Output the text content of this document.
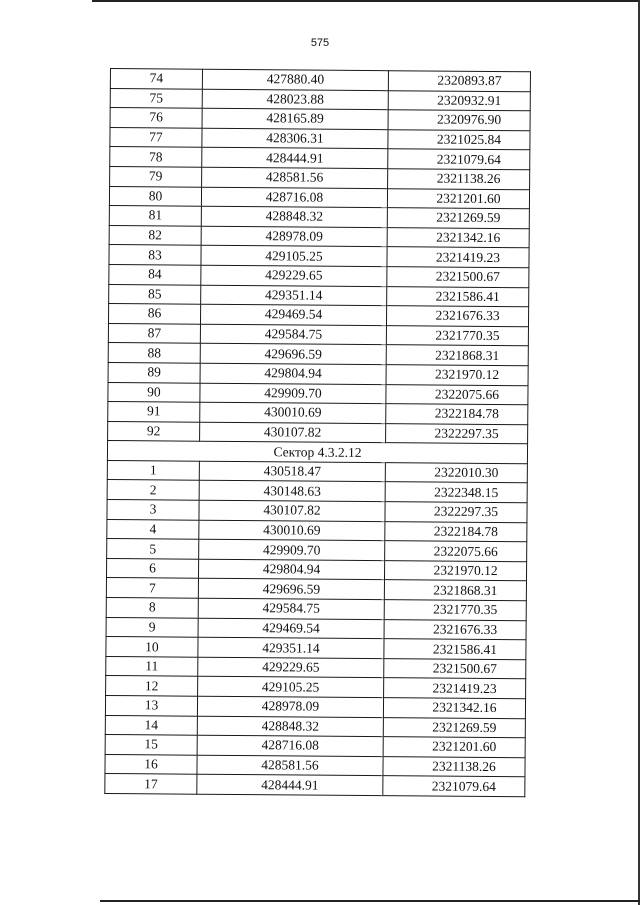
575
74	427880.40	2320893.87
75	428023.88	2320932.91
76	428165.89	2320976.90
77	428306.31	2321025.84
78	428444.91	2321079.64
79	428581.56	2321138.26
80	428716.08	2321201.60
81	428848.32	2321269.59
82	428978.09	2321342.16
83	429105.25	2321419.23
84	429229.65	2321500.67
85	429351.14	2321586.41
86	429469.54	2321676.33
87	429584.75	2321770.35
88	429696.59	2321868.31
89	429804.94	2321970.12
90	429909.70	2322075.66
91	430010.69	2322184.78
92	430107.82	2322297.35
Сектор 4.3.2.12		
1	430518.47	2322010.30
2	430148.63	2322348.15
3	430107.82	2322297.35
4	430010.69	2322184.78
5	429909.70	2322075.66
6	429804.94	2321970.12
7	429696.59	2321868.31
8	429584.75	2321770.35
9	429469.54	2321676.33
10	429351.14	2321586.41
11	429229.65	2321500.67
12	429105.25	2321419.23
13	428978.09	2321342.16
14	428848.32	2321269.59
15	428716.08	2321201.60
16	428581.56	2321138.26
17	428444.91	2321079.64
